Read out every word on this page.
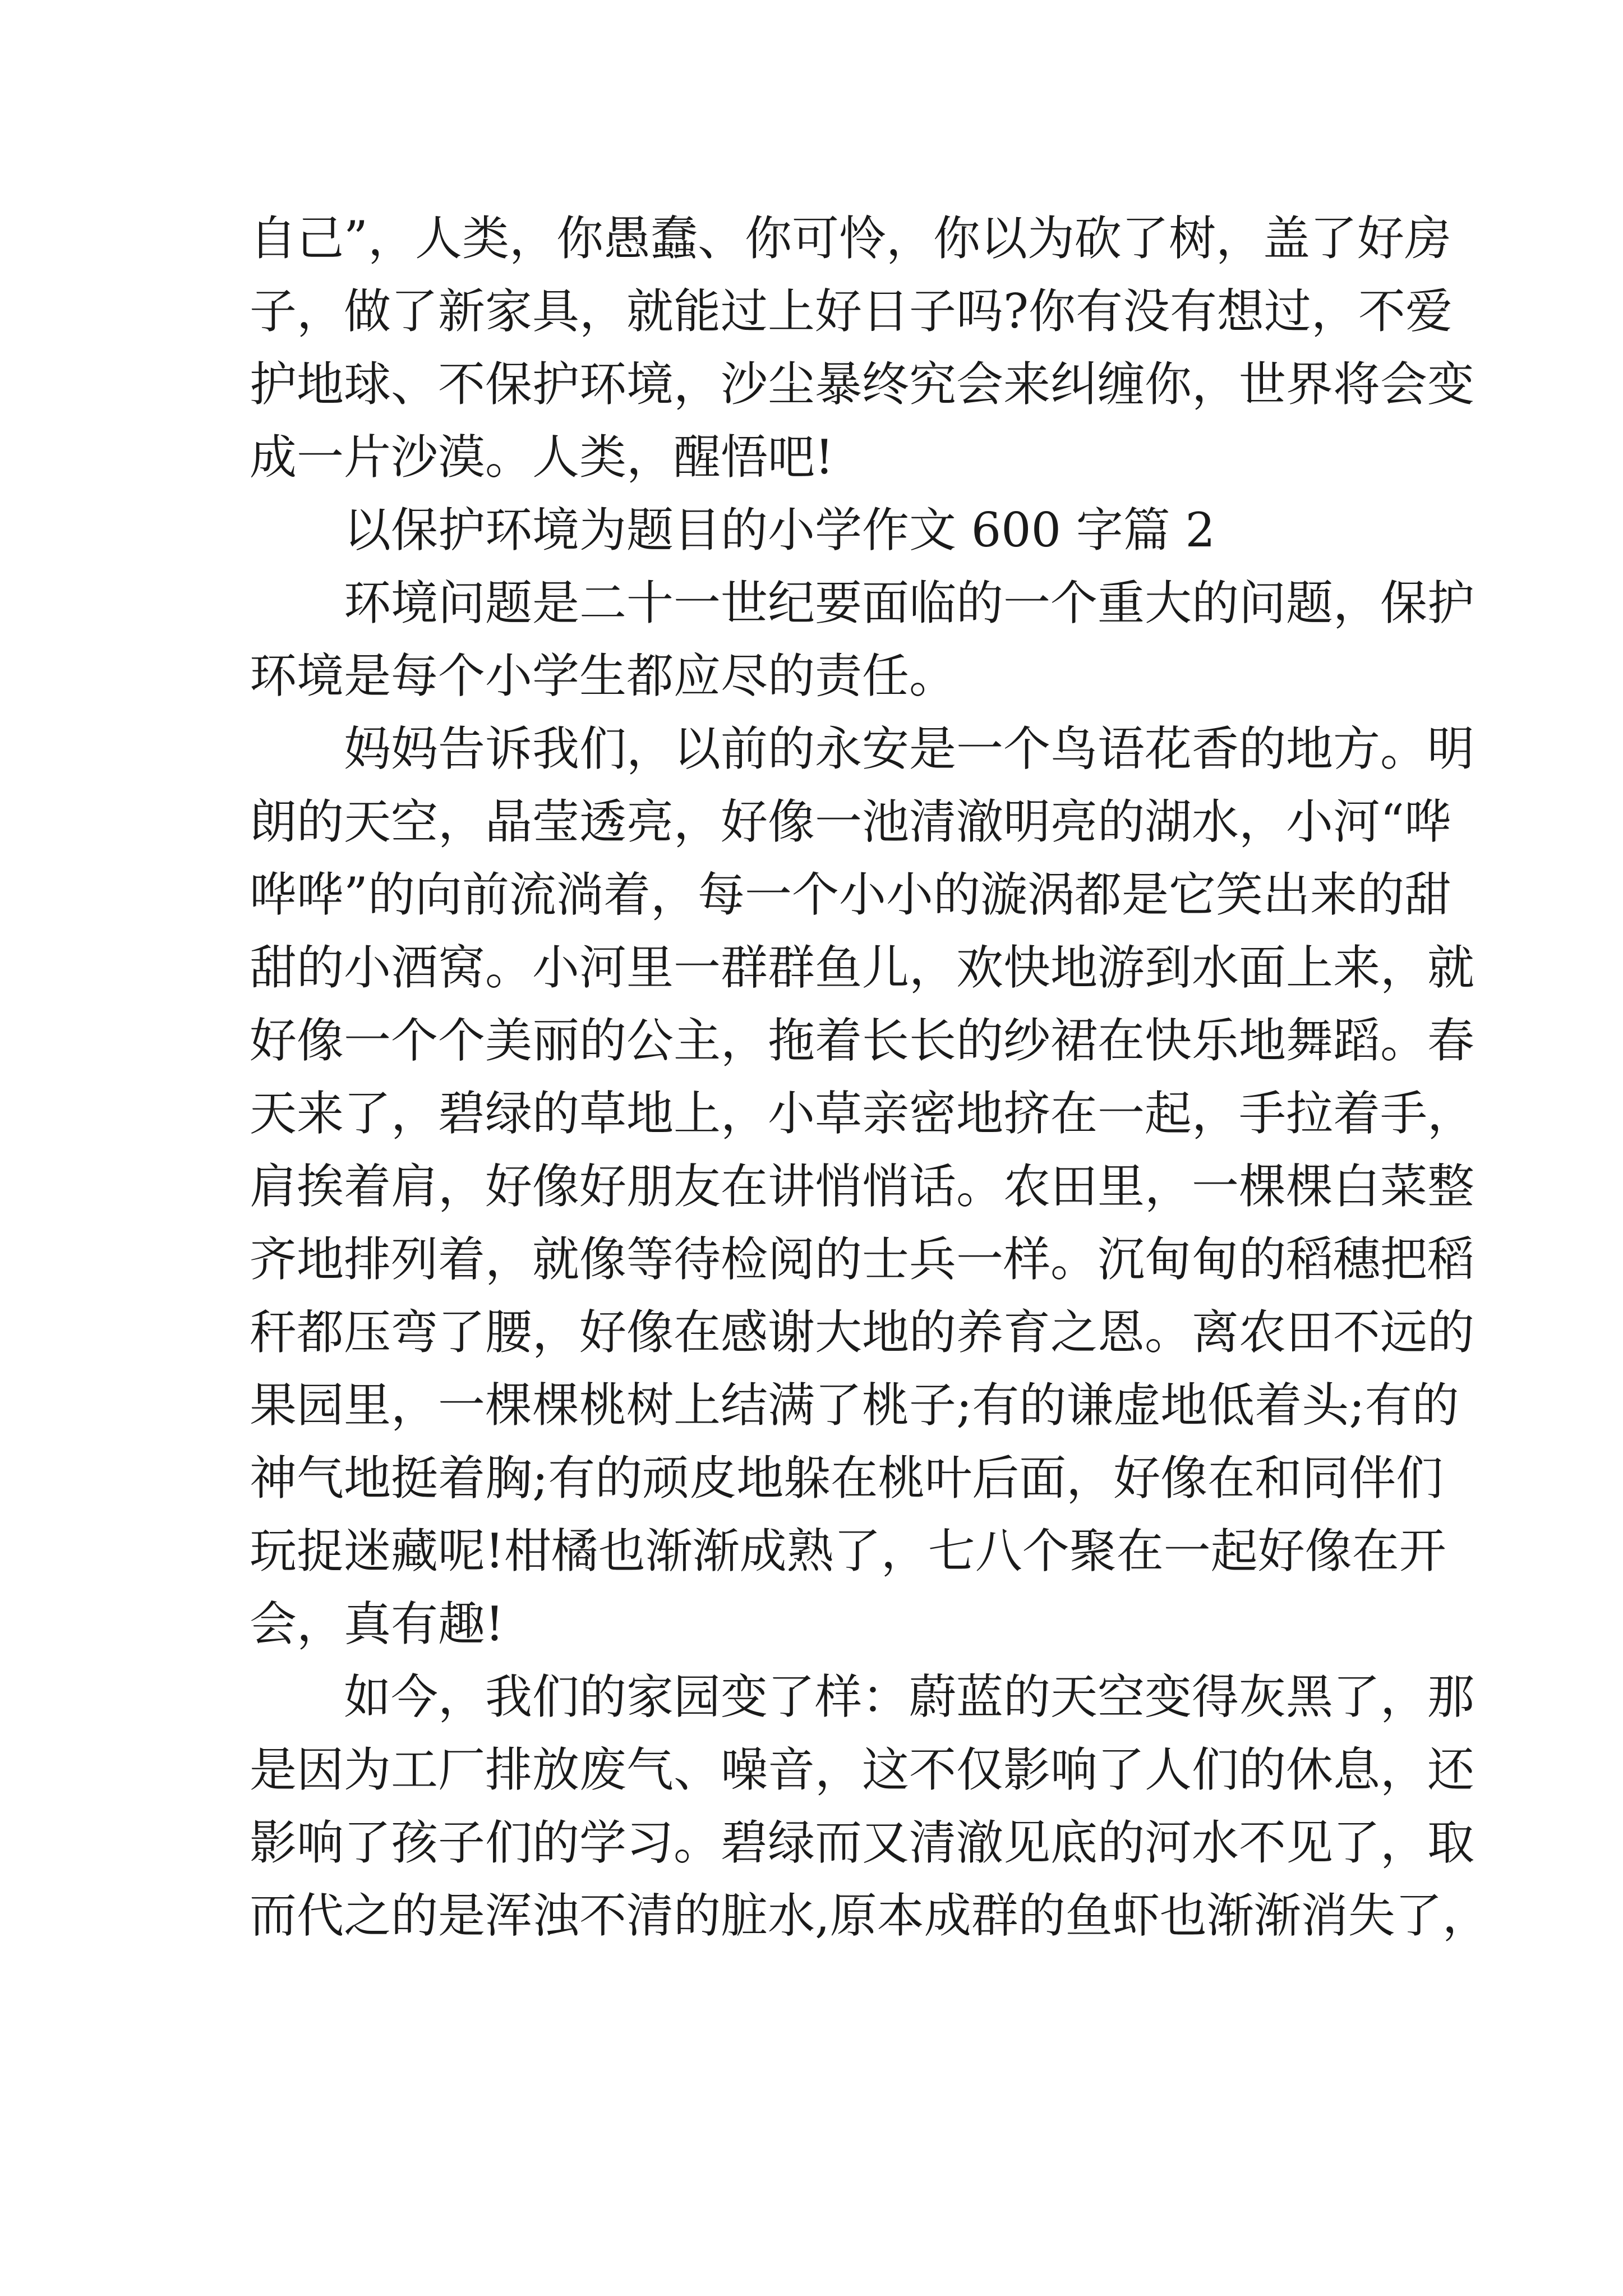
自己”，人类，你愚蠢、你可怜，你以为砍了树，盖了好房
子，做了新家具，就能过上好日子吗?你有没有想过，不爱
护地球、不保护环境，沙尘暴终究会来纠缠你，世界将会变
成一片沙漠。人类，醒悟吧!
以保护环境为题目的小学作文 600 字篇 2
环境问题是二十一世纪要面临的一个重大的问题，保护
环境是每个小学生都应尽的责任。
妈妈告诉我们，以前的永安是一个鸟语花香的地方。明
朗的天空，晶莹透亮，好像一池清澈明亮的湖水，小河“哗
哗哗”的向前流淌着，每一个小小的漩涡都是它笑出来的甜
甜的小酒窝。小河里一群群鱼儿，欢快地游到水面上来，就
好像一个个美丽的公主，拖着长长的纱裙在快乐地舞蹈。春
天来了，碧绿的草地上，小草亲密地挤在一起，手拉着手，
肩挨着肩，好像好朋友在讲悄悄话。农田里，一棵棵白菜整
齐地排列着，就像等待检阅的士兵一样。沉甸甸的稻穗把稻
秆都压弯了腰，好像在感谢大地的养育之恩。离农田不远的
果园里，一棵棵桃树上结满了桃子;有的谦虚地低着头;有的
神气地挺着胸;有的顽皮地躲在桃叶后面，好像在和同伴们
玩捉迷藏呢!柑橘也渐渐成熟了，七八个聚在一起好像在开
会，真有趣!
如今，我们的家园变了样：蔚蓝的天空变得灰黑了，那
是因为工厂排放废气、噪音，这不仅影响了人们的休息，还
影响了孩子们的学习。碧绿而又清澈见底的河水不见了，取
而代之的是浑浊不清的脏水,原本成群的鱼虾也渐渐消失了，
